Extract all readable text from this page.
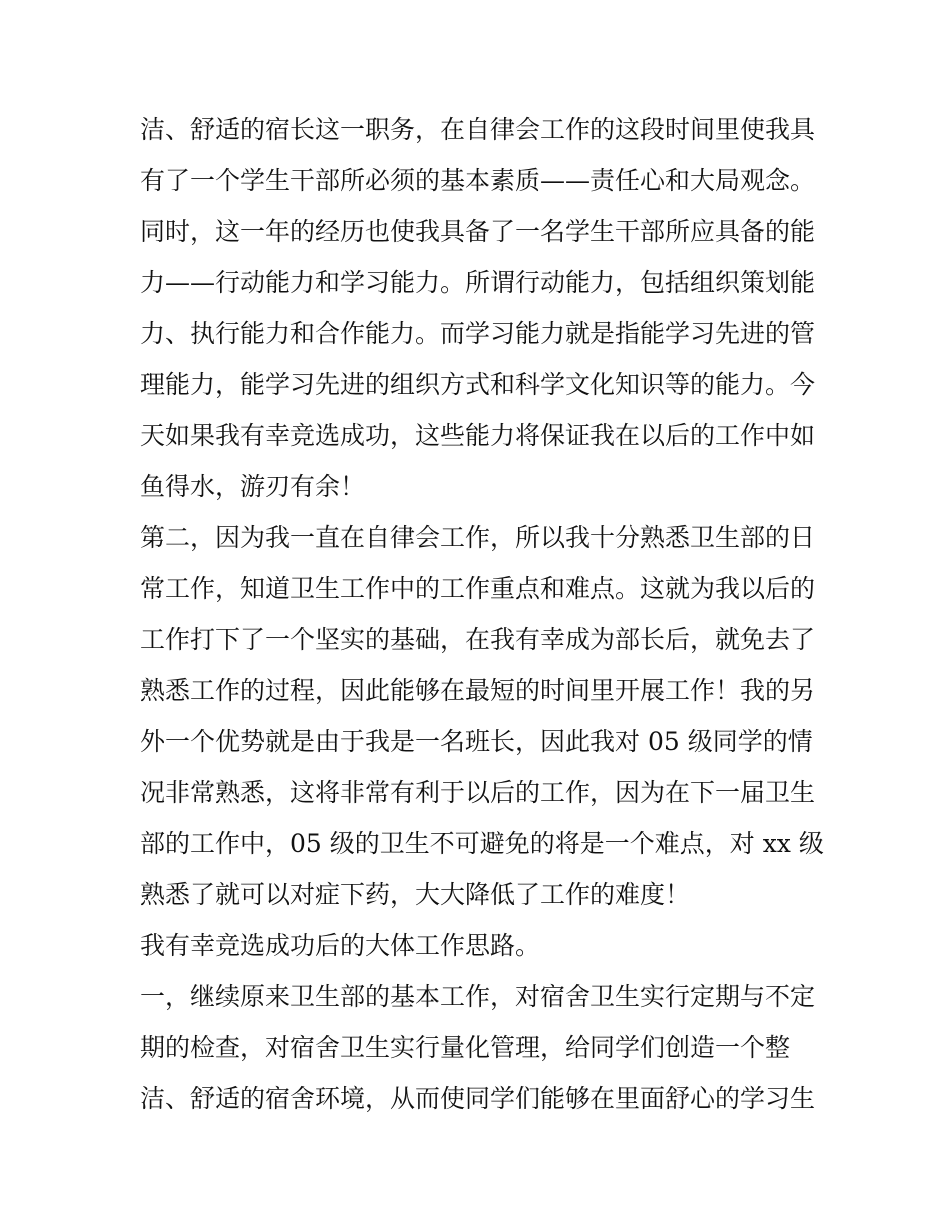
洁、舒适的宿长这一职务，在自律会工作的这段时间里使我具
有了一个学生干部所必须的基本素质——责任心和大局观念。
同时，这一年的经历也使我具备了一名学生干部所应具备的能
力——行动能力和学习能力。所谓行动能力，包括组织策划能
力、执行能力和合作能力。而学习能力就是指能学习先进的管
理能力，能学习先进的组织方式和科学文化知识等的能力。今
天如果我有幸竞选成功，这些能力将保证我在以后的工作中如
鱼得水，游刃有余！
第二，因为我一直在自律会工作，所以我十分熟悉卫生部的日
常工作，知道卫生工作中的工作重点和难点。这就为我以后的
工作打下了一个坚实的基础，在我有幸成为部长后，就免去了
熟悉工作的过程，因此能够在最短的时间里开展工作！我的另
外一个优势就是由于我是一名班长，因此我对 05 级同学的情
况非常熟悉，这将非常有利于以后的工作，因为在下一届卫生
部的工作中，05 级的卫生不可避免的将是一个难点，对 xx 级
熟悉了就可以对症下药，大大降低了工作的难度！
我有幸竞选成功后的大体工作思路。
一，继续原来卫生部的基本工作，对宿舍卫生实行定期与不定
期的检查，对宿舍卫生实行量化管理，给同学们创造一个整
洁、舒适的宿舍环境，从而使同学们能够在里面舒心的学习生
